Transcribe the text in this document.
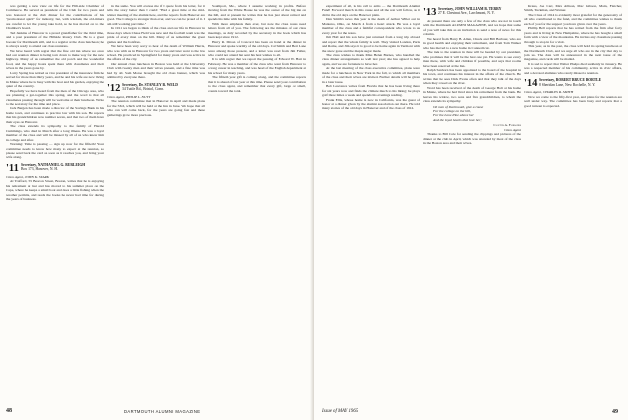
was getting a new view on life for the Hill-side Chamber of Commerce. He served as president of the Club for two years and was honored at the club dinner for the contributions of his "promotional spirit" for industry, but, with wisdom, the old-timers are careful to let the young take hold, so he has moved on to the Chamber's board.

Ted Jenkins of Hanover is a proud grandfather for the third time, and a past president of the Hillside Rotary Club. He is a great booster for Dartmouth still, and is a regular at the class luncheon; he is always ready to attend our class reunions.

We have heard with regret that the fine old inn where we once had our reunion dinner is being torn down to make way for the new highway. Many of us remember the old porch and the wonderful food, and the happy hours spent there with classmates and their wives in the years gone by.

Larry Spring has retired as vice president of the insurance firm he served for more than thirty years, and he and his wife are now living in Maine where he is busy with his boat and his garden, enjoying the quiet of the country.

Hopefully we have heard from the men of the Chicago area, who are planning a get-together this spring, and the word is that all classmates passing through will be welcome at their luncheon. Write to the secretary for the time and place.

Jack Bergen has been made a director of the Savings Bank in his home town, and continues to practice law with his son. He reports that his grandchildren now number seven, and that two of them have their eyes on Hanover.

The class extends its sympathy to the family of Harold Cummings, who died in March after a long illness. He was a loyal member of the class and will be missed by all of us who knew him in college and after.

Warning: Time is passing — sign up now for the fiftieth! Your committee needs to know how many to expect at the reunion, so please send back the card as soon as it reaches you, and bring your wife along.

'11 Secretary, NATHANIEL G. BURLEIGH
Box 173, Hanover, N. H.

Class Agent, JOHN K. STARK

Al Trafford, 55 Beacon Street, Boston, writes that he is enjoying his retirement at last and has moved to his summer place on the Cape, where he keeps a small boat and does a little fishing when the weather permits, and reads the books he never had time for during the years of business.

in the same. You will excuse me if I quote from his letter, for it tells the story better than I could: "Had a great time at the mid-winter meeting of the alumni here, and the reports from Hanover are good. The College is stronger than ever, and we can be proud of it. I am still working part time."

In 1911 we began to think of the class and our life in Hanover in those days when Chase Field was new and the football team was the pride of every man on the hill. Many of us remember the great games and the bonfires.

We have been very sorry to hear of the death of William Harris, who was with us in Hanover for two years and later went to the law school. He practiced in Springfield for many years and was active in the affairs of the city.

Our annual class luncheon in Boston was held at the University Club with twenty men and their wives present, and a fine time was had by all. Sam Morse brought the old class banner, which was admired by everyone there.

'12 Secretary, Dr. STANLEY B. WELD
34 Tuttle Rd., Bristol, Conn.

Class Agent, PHILIP L. NUTT

The reunion committee met in Hanover in April and made plans for the 53rd, which will be held at the Inn in June. We hope that all who can will come back, for the years are going fast and these gatherings grow more precious.

Southport, Me., where I assume working in profits. Before moving from the White House he was the owner of the big inn on the hill, and at present he writes that he has just about retired and spends his time with his family.

With more emphasis than ever, but note the class notes need letters from all of you. The following are the minutes of our class meetings, as duly recorded by the secretary in the book which has been kept since 1912.

Harry R. Dixon of Concord has been on hand at the dinner in Hanover and spoke warmly of the old days. Cal Smith and Bert Lane were among those present, and a letter was read from Jim Fuller, who could not attend but sent his best wishes to all.

It is with regret that we report the passing of Edward W. Hart in February. He was a member of the class who went from Hanover to a long career in teaching, and was head of the English department at his school for many years.

The fiftieth year gift is coming along, and the committee reports that it is ahead of last year at this time. Please send your contribution to the class agent, and remember that every gift, large or small, counts toward the total.

48	DARTMOUTH ALUMNI MAGAZINE

experiment of all, is his call to arms — the Dartmouth Alumni Fund! Forward march in this cause and all the rest will follow, as it did in the old days on the Hanover plain.

Dan Smith's news this year is the death of Arthur Willet out in Manteno, Ohio, on March 4 from a heart attack. He was a loyal member of the class and a faithful correspondent who wrote to us every year for the notes.

Jim Hall and his son have just returned from a long trip abroad and report that the whole family is well. They visited London, Paris and Rome, and Jim says it is good to be home again in Vermont with the snow gone and the maple sugar made.

The class wishes to thank Miss Helen Barnes, who handled the class dinner arrangements so well last year; she has agreed to help again, and we are fortunate to have her.

At the last meeting of the class executive committee, plans were made for a luncheon in New York in the fall, to which all members of the class and their wives are invited. Further details will be given in a later issue.

Bob Lawrence writes from Florida that he has been living there for six years now and finds the climate much to his liking; he plays golf three times a week and spends his evenings reading.

Frank Ellis, whose home is now in California, was the guest of honor at a dinner given by the alumni association out there. He told many stories of the old days in Hanover and of the class of 1912.

'13 Secretary, JOHN WILLIAM B. TERRY
27 E. Chestnut Ave., Larchmont, N. Y.

At present there are only a few of the class who are not in touch with the Dartmouth ALUMNI MAGAZINE, and we hope that some of you will take this as an invitation to send a note of news for this column.

We heard from Harry B. Allen, Chuck and Bill Barbour, who are in good health and enjoying their retirement, and from Tom Walker who has moved to a new home in Connecticut.

The trek to the reunion in June will be headed by our president, who promises that it will be the best one yet. He wants to see every man there, with wife and children if possible, and says that rooms have been reserved at the Inn.

Ralph Sanborn has been appointed to the board of the hospital in his town, and continues his interest in the affairs of the church. He writes that he sees Dick Evans often and that they talk of the days when they rowed on the river.

Word has been received of the death of George Holt at his home in Maine, where he had lived since his retirement from the bank. He leaves his widow, two sons and five grandchildren, to whom the class extends its sympathy.

Oh men of Dartmouth, give a rouse
For the college on the hill,
For the Lone Pine above her
And the loyal hearts that love her;

Clayton A. Fairbanks

Class Agent

Thanks to Bill Cole for sending the clippings and pictures of the dinner at the club in April, which was attended by most of the class in the Boston area and their wives.

Kraus, Joe Carr, Max Allison, Mac Gibson, Main, Fletcher, Smith, Tuckman, and Warner.

The Class of 1914 is evidently most grateful for the generosity of all who contributed to the fund, and the committee wishes to thank each of you for the support you have given over the years.

Phillip Bell reports that he has retired from the firm after forty years and is living in New Hampshire, where he has bought a small farm with a view of the mountains. He invites any classmate passing through to stop in for a visit.

This year, as in the past, the class will hold its spring luncheon at the Dartmouth Club, and we urge all who are in the city that day to join us. The date will be announced in the next issue of the magazine, and cards will be mailed.

It is sad to report that Walter Phelps died suddenly in January. He was a respected member of his community, active in civic affairs, and a devoted alumnus who rarely missed a reunion.

'14 Secretary, ROBERT BRUCE BORTLE
8 Sheridan Lane, New Rochelle, N. Y.

Class Agent, CHARLES R. SMITH

Now we come to the fifty-first year, and plans for the reunion are well under way. The committee has been busy and reports that a good turnout is expected.

Issue of MAY 1965	49
